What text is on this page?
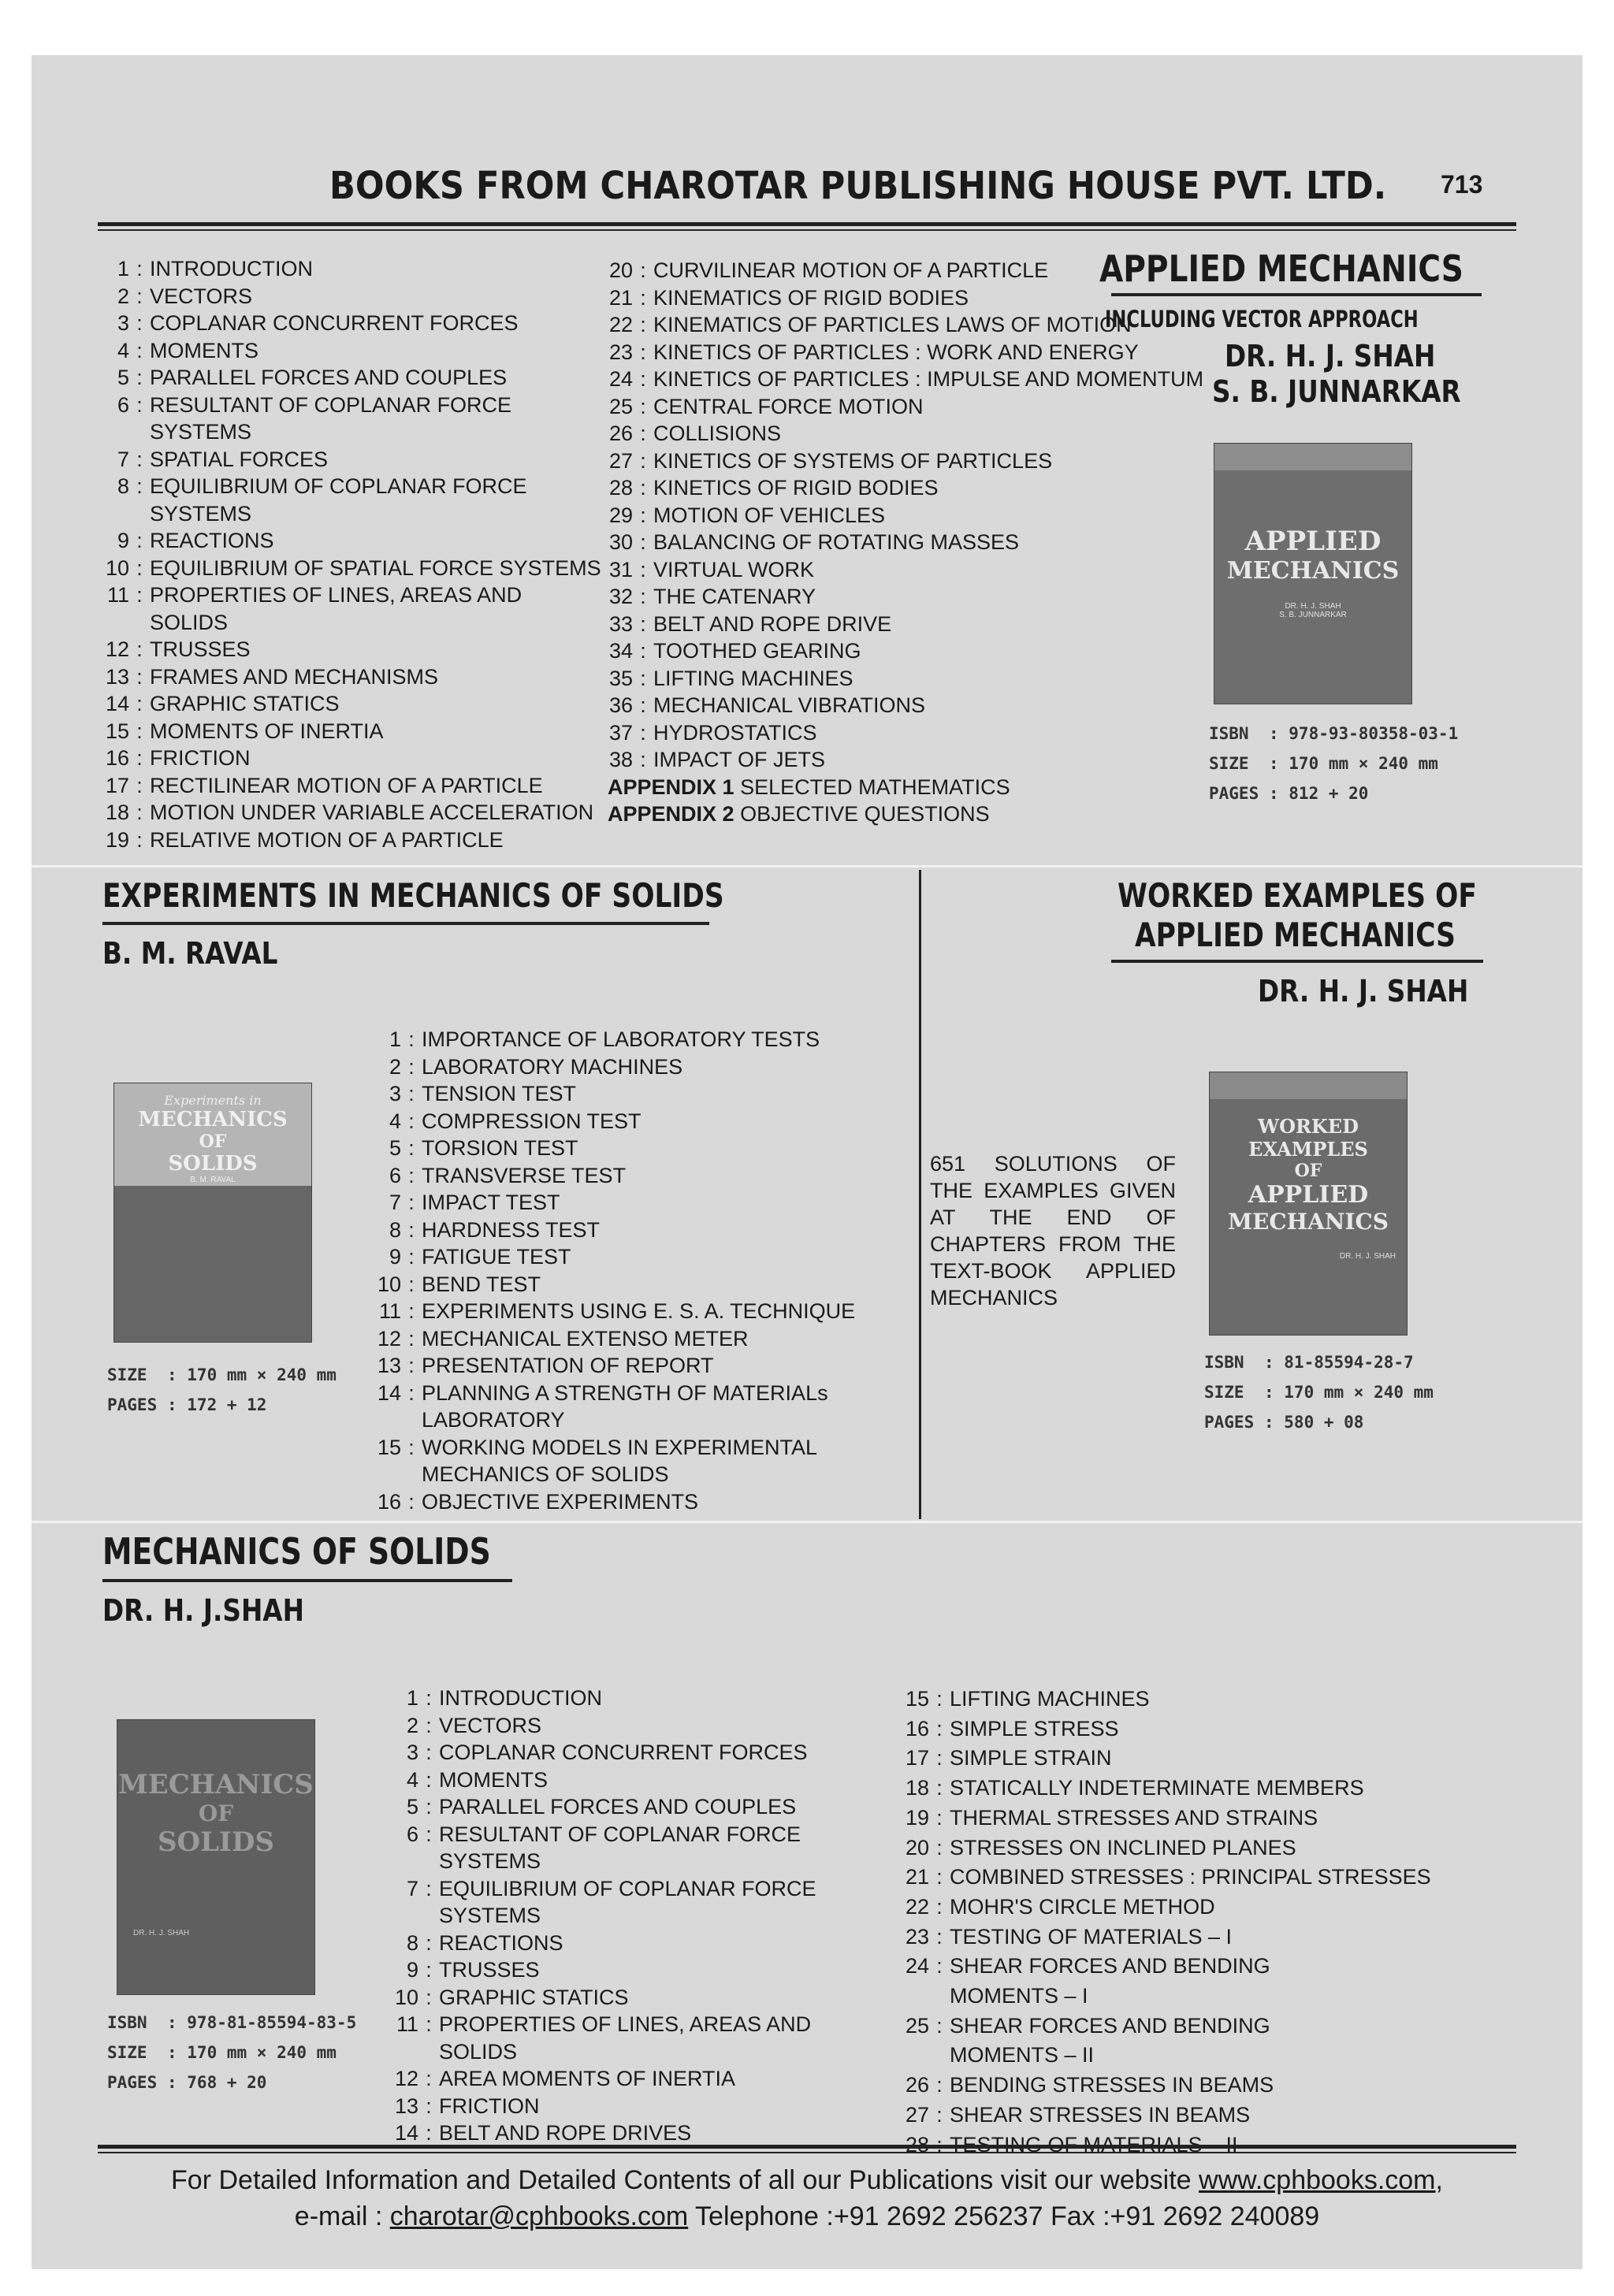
BOOKS FROM CHAROTAR PUBLISHING HOUSE PVT. LTD. 713
1 : INTRODUCTION
2 : VECTORS
3 : COPLANAR CONCURRENT FORCES
4 : MOMENTS
5 : PARALLEL FORCES AND COUPLES
6 : RESULTANT OF COPLANAR FORCE
SYSTEMS
7 : SPATIAL FORCES
8 : EQUILIBRIUM OF COPLANAR FORCE
SYSTEMS
9 : REACTIONS
10 : EQUILIBRIUM OF SPATIAL FORCE SYSTEMS
11 : PROPERTIES OF LINES, AREAS AND
SOLIDS
12 : TRUSSES
13 : FRAMES AND MECHANISMS
14 : GRAPHIC STATICS
15 : MOMENTS OF INERTIA
16 : FRICTION
17 : RECTILINEAR MOTION OF A PARTICLE
18 : MOTION UNDER VARIABLE ACCELERATION
19 : RELATIVE MOTION OF A PARTICLE
20 : CURVILINEAR MOTION OF A PARTICLE
21 : KINEMATICS OF RIGID BODIES
22 : KINEMATICS OF PARTICLES LAWS OF MOTION
23 : KINETICS OF PARTICLES : WORK AND ENERGY
24 : KINETICS OF PARTICLES : IMPULSE AND MOMENTUM
25 : CENTRAL FORCE MOTION
26 : COLLISIONS
27 : KINETICS OF SYSTEMS OF PARTICLES
28 : KINETICS OF RIGID BODIES
29 : MOTION OF VEHICLES
30 : BALANCING OF ROTATING MASSES
31 : VIRTUAL WORK
32 : THE CATENARY
33 : BELT AND ROPE DRIVE
34 : TOOTHED GEARING
35 : LIFTING MACHINES
36 : MECHANICAL VIBRATIONS
37 : HYDROSTATICS
38 : IMPACT OF JETS
APPENDIX 1
SELECTED MATHEMATICS
APPENDIX 2
OBJECTIVE QUESTIONS
APPLIED MECHANICS
INCLUDING VECTOR APPROACH
DR. H. J. SHAH
S. B. JUNNARKAR
APPLIED
MECHANICS
DR. H. J. SHAH
S. B. JUNNARKAR
ISBN : 978-93-80358-03-1
SIZE : 170 mm × 240 mm
PAGES : 812 + 20
EXPERIMENTS IN MECHANICS OF SOLIDS
B. M. RAVAL
Experiments in
MECHANICS
OF
SOLIDS
B. M. RAVAL
SIZE : 170 mm × 240 mm
PAGES : 172 + 12
1 : IMPORTANCE OF LABORATORY TESTS
2 : LABORATORY MACHINES
3 : TENSION TEST
4 : COMPRESSION TEST
5 : TORSION TEST
6 : TRANSVERSE TEST
7 : IMPACT TEST
8 : HARDNESS TEST
9 : FATIGUE TEST
10 : BEND TEST
11 : EXPERIMENTS USING E. S. A. TECHNIQUE
12 : MECHANICAL EXTENSO METER
13 : PRESENTATION OF REPORT
14 : PLANNING A STRENGTH OF MATERIALs
LABORATORY
15 : WORKING MODELS IN EXPERIMENTAL
MECHANICS OF SOLIDS
16 : OBJECTIVE EXPERIMENTS
WORKED EXAMPLES OF
APPLIED MECHANICS
DR. H. J. SHAH
651 SOLUTIONS OF THE EXAMPLES GIVEN AT THE END OF CHAPTERS FROM THE TEXT-BOOK APPLIED MECHANICS
WORKED
EXAMPLES
OF
APPLIED
MECHANICS
DR. H. J. SHAH
ISBN : 81-85594-28-7
SIZE : 170 mm × 240 mm
PAGES : 580 + 08
MECHANICS OF SOLIDS
DR. H. J.SHAH
MECHANICS
OF
SOLIDS
DR. H. J. SHAH
ISBN : 978-81-85594-83-5
SIZE : 170 mm × 240 mm
PAGES : 768 + 20
1 : INTRODUCTION
2 : VECTORS
3 : COPLANAR CONCURRENT FORCES
4 : MOMENTS
5 : PARALLEL FORCES AND COUPLES
6 : RESULTANT OF COPLANAR FORCE
SYSTEMS
7 : EQUILIBRIUM OF COPLANAR FORCE
SYSTEMS
8 : REACTIONS
9 : TRUSSES
10 : GRAPHIC STATICS
11 : PROPERTIES OF LINES, AREAS AND
SOLIDS
12 : AREA MOMENTS OF INERTIA
13 : FRICTION
14 : BELT AND ROPE DRIVES
15 : LIFTING MACHINES
16 : SIMPLE STRESS
17 : SIMPLE STRAIN
18 : STATICALLY INDETERMINATE MEMBERS
19 : THERMAL STRESSES AND STRAINS
20 : STRESSES ON INCLINED PLANES
21 : COMBINED STRESSES : PRINCIPAL STRESSES
22 : MOHR'S CIRCLE METHOD
23 : TESTING OF MATERIALS – I
24 : SHEAR FORCES AND BENDING
MOMENTS – I
25 : SHEAR FORCES AND BENDING
MOMENTS – II
26 : BENDING STRESSES IN BEAMS
27 : SHEAR STRESSES IN BEAMS
For Detailed Information and Detailed Contents of all our Publications visit our website www.cphbooks.com,
e-mail : charotar@cphbooks.com Telephone :+91 2692 256237 Fax :+91 2692 240089
